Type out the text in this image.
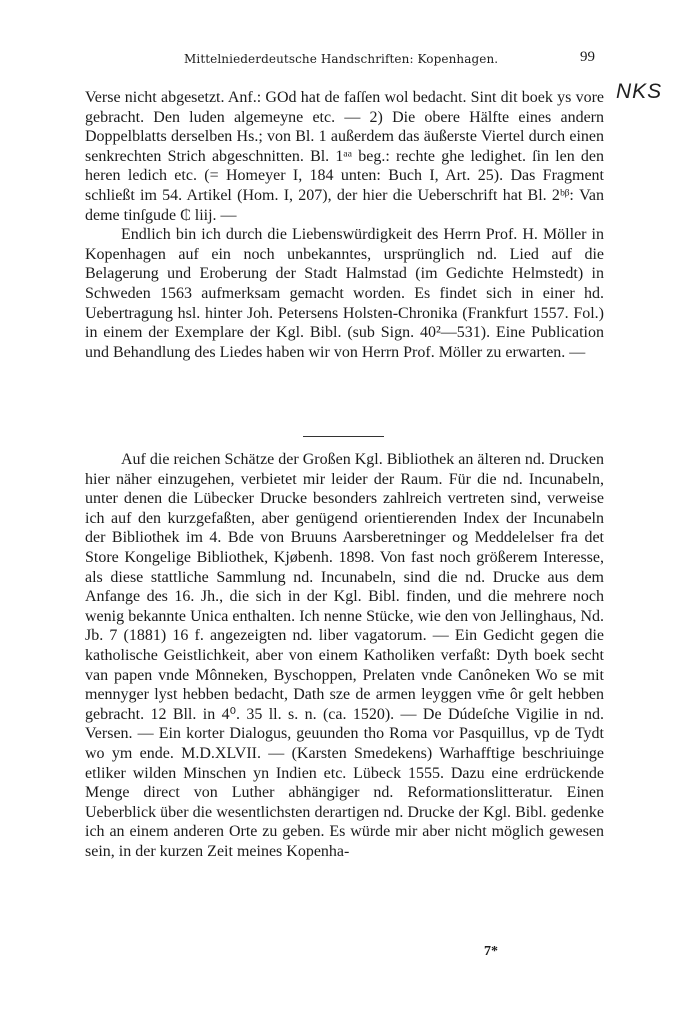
Mittelniederdeutsche Handschriften: Kopenhagen.	99
NKS

Verse nicht abgesetzt. Anf.: GOd hat de faſſen wol bedacht. Sint dit boek ys vore gebracht. Den luden algemeyne etc. — 2) Die obere Hälfte eines andern Doppelblatts derselben Hs.; von Bl. 1 außerdem das äußerste Viertel durch einen senkrechten Strich abgeschnitten. Bl. 1ᵃᵃ beg.: rechte ghe ledighet. ſin len den heren ledich etc. (= Homeyer I, 184 unten: Buch I, Art. 25). Das Fragment schließt im 54. Artikel (Hom. I, 207), der hier die Ueberschrift hat Bl. 2ᵇᵝ: Van deme tinſgude ₵ liij. —

Endlich bin ich durch die Liebenswürdigkeit des Herrn Prof. H. Möller in Kopenhagen auf ein noch unbekanntes, ursprünglich nd. Lied auf die Belagerung und Eroberung der Stadt Halmstad (im Gedichte Helmstedt) in Schweden 1563 aufmerksam gemacht worden. Es findet sich in einer hd. Uebertragung hsl. hinter Joh. Petersens Holsten-Chronika (Frankfurt 1557. Fol.) in einem der Exemplare der Kgl. Bibl. (sub Sign. 40²—531). Eine Publication und Behandlung des Liedes haben wir von Herrn Prof. Möller zu erwarten. —

Auf die reichen Schätze der Großen Kgl. Bibliothek an älteren nd. Drucken hier näher einzugehen, verbietet mir leider der Raum. Für die nd. Incunabeln, unter denen die Lübecker Drucke besonders zahlreich vertreten sind, verweise ich auf den kurzgefaßten, aber genügend orientierenden Index der Incunabeln der Bibliothek im 4. Bde von Bruuns Aarsberetninger og Meddelelser fra det Store Kongelige Bibliothek, Kjøbenh. 1898. Von fast noch größerem Interesse, als diese stattliche Sammlung nd. Incunabeln, sind die nd. Drucke aus dem Anfange des 16. Jh., die sich in der Kgl. Bibl. finden, und die mehrere noch wenig bekannte Unica enthalten. Ich nenne Stücke, wie den von Jellinghaus, Nd. Jb. 7 (1881) 16 f. angezeigten nd. liber vagatorum. — Ein Gedicht gegen die katholische Geistlichkeit, aber von einem Katholiken verfaßt: Dyth boek secht van papen vnde Mônneken, Byschoppen, Prelaten vnde Canôneken Wo se mit mennyger lyst hebben bedacht, Dath sze de armen leyggen vm̄e ôr gelt hebben gebracht. 12 Bll. in 4⁰. 35 ll. s. n. (ca. 1520). — De Dúdeſche Vigilie in nd. Versen. — Ein korter Dialogus, geuunden tho Roma vor Pasquillus, vp de Tydt wo ym ende. M.D.XLVII. — (Karsten Smedekens) Warhafftige beschriuinge etliker wilden Minschen yn Indien etc. Lübeck 1555. Dazu eine erdrückende Menge direct von Luther abhängiger nd. Reformationslitteratur. Einen Ueberblick über die wesentlichsten derartigen nd. Drucke der Kgl. Bibl. gedenke ich an einem anderen Orte zu geben. Es würde mir aber nicht möglich gewesen sein, in der kurzen Zeit meines Kopenha-

7*
